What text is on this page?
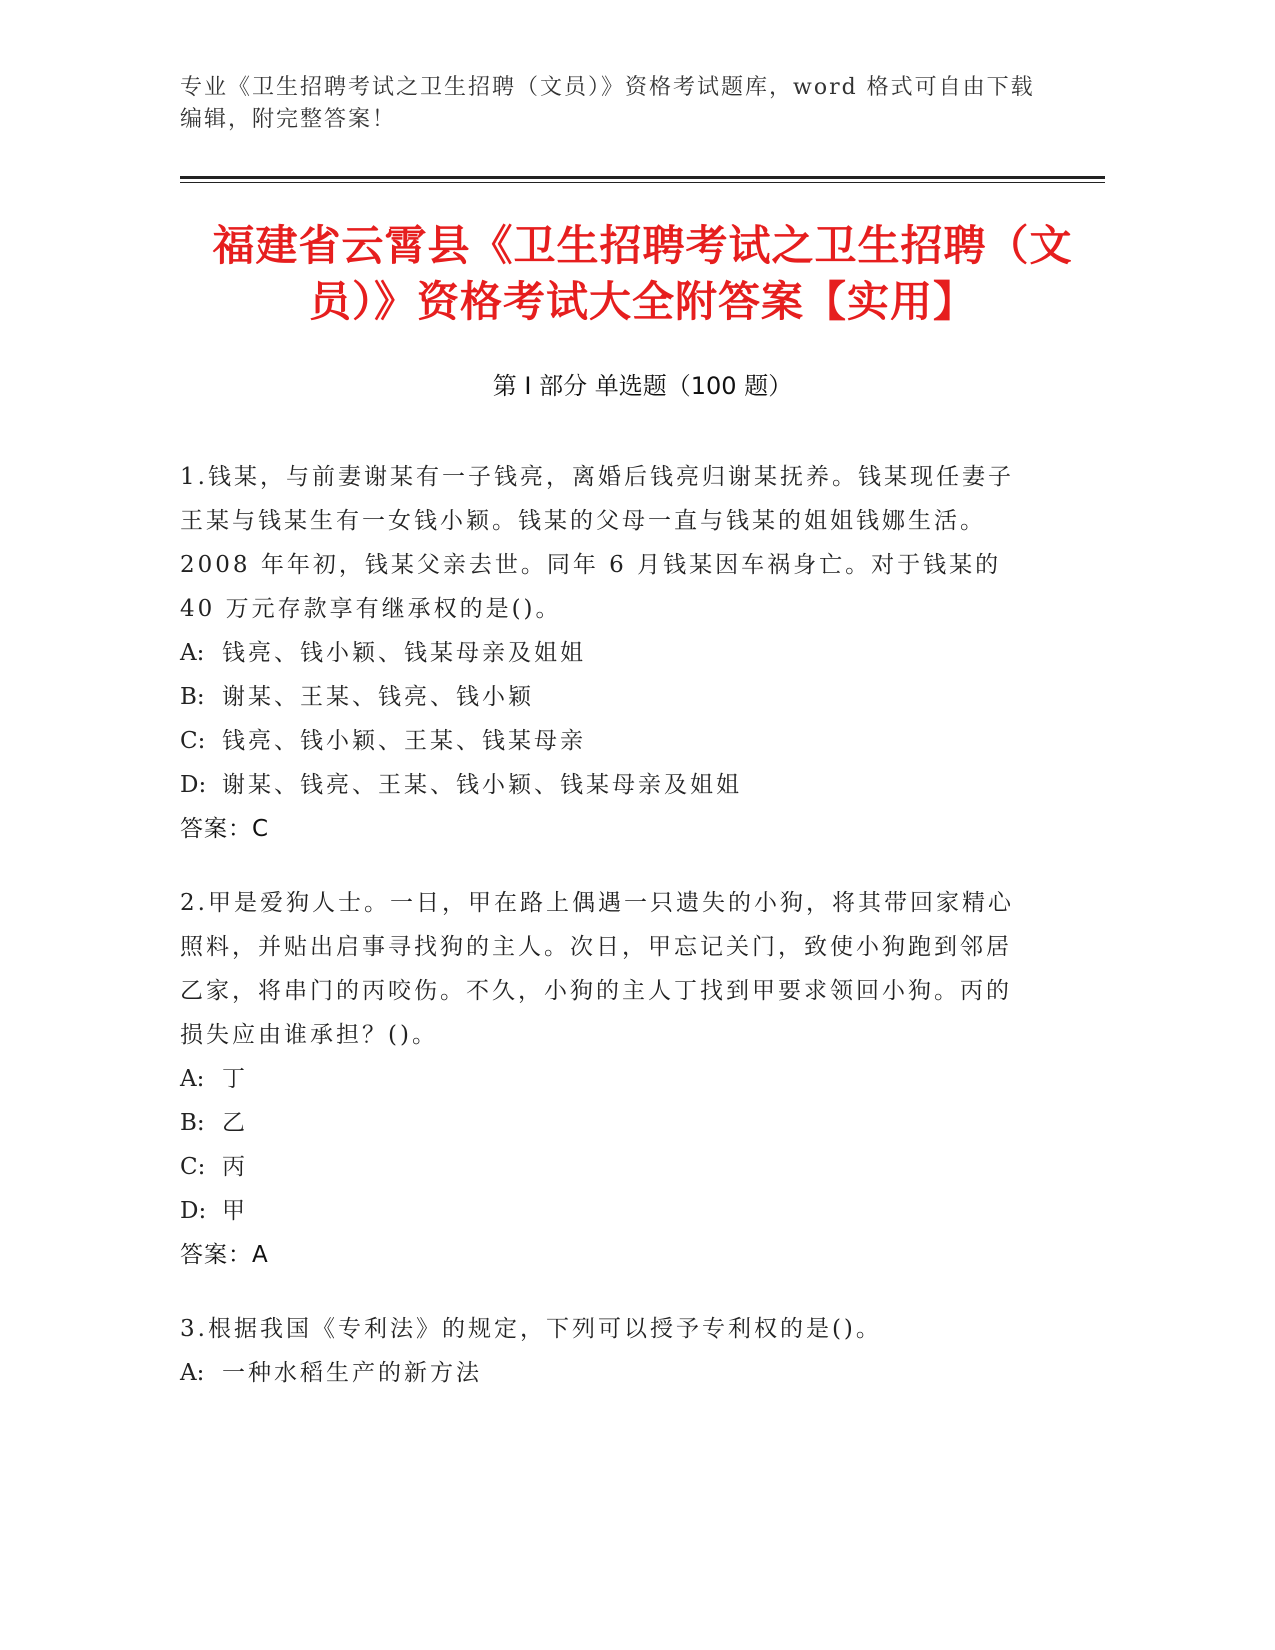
专业《卫生招聘考试之卫生招聘（文员）》资格考试题库，word 格式可自由下载编辑，附完整答案！
福建省云霄县《卫生招聘考试之卫生招聘（文员）》资格考试大全附答案【实用】
第 I 部分 单选题（100 题）

1.钱某，与前妻谢某有一子钱亮，离婚后钱亮归谢某抚养。钱某现任妻子王某与钱某生有一女钱小颖。钱某的父母一直与钱某的姐姐钱娜生活。2008 年年初，钱某父亲去世。同年 6 月钱某因车祸身亡。对于钱某的 40 万元存款享有继承权的是()。

A: 钱亮、钱小颖、钱某母亲及姐姐

B: 谢某、王某、钱亮、钱小颖

C: 钱亮、钱小颖、王某、钱某母亲

D: 谢某、钱亮、王某、钱小颖、钱某母亲及姐姐

答案：C

2.甲是爱狗人士。一日，甲在路上偶遇一只遗失的小狗，将其带回家精心照料，并贴出启事寻找狗的主人。次日，甲忘记关门，致使小狗跑到邻居乙家，将串门的丙咬伤。不久，小狗的主人丁找到甲要求领回小狗。丙的损失应由谁承担？()。

A: 丁

B: 乙

C: 丙

D: 甲

答案：A

3.根据我国《专利法》的规定，下列可以授予专利权的是()。

A: 一种水稻生产的新方法
